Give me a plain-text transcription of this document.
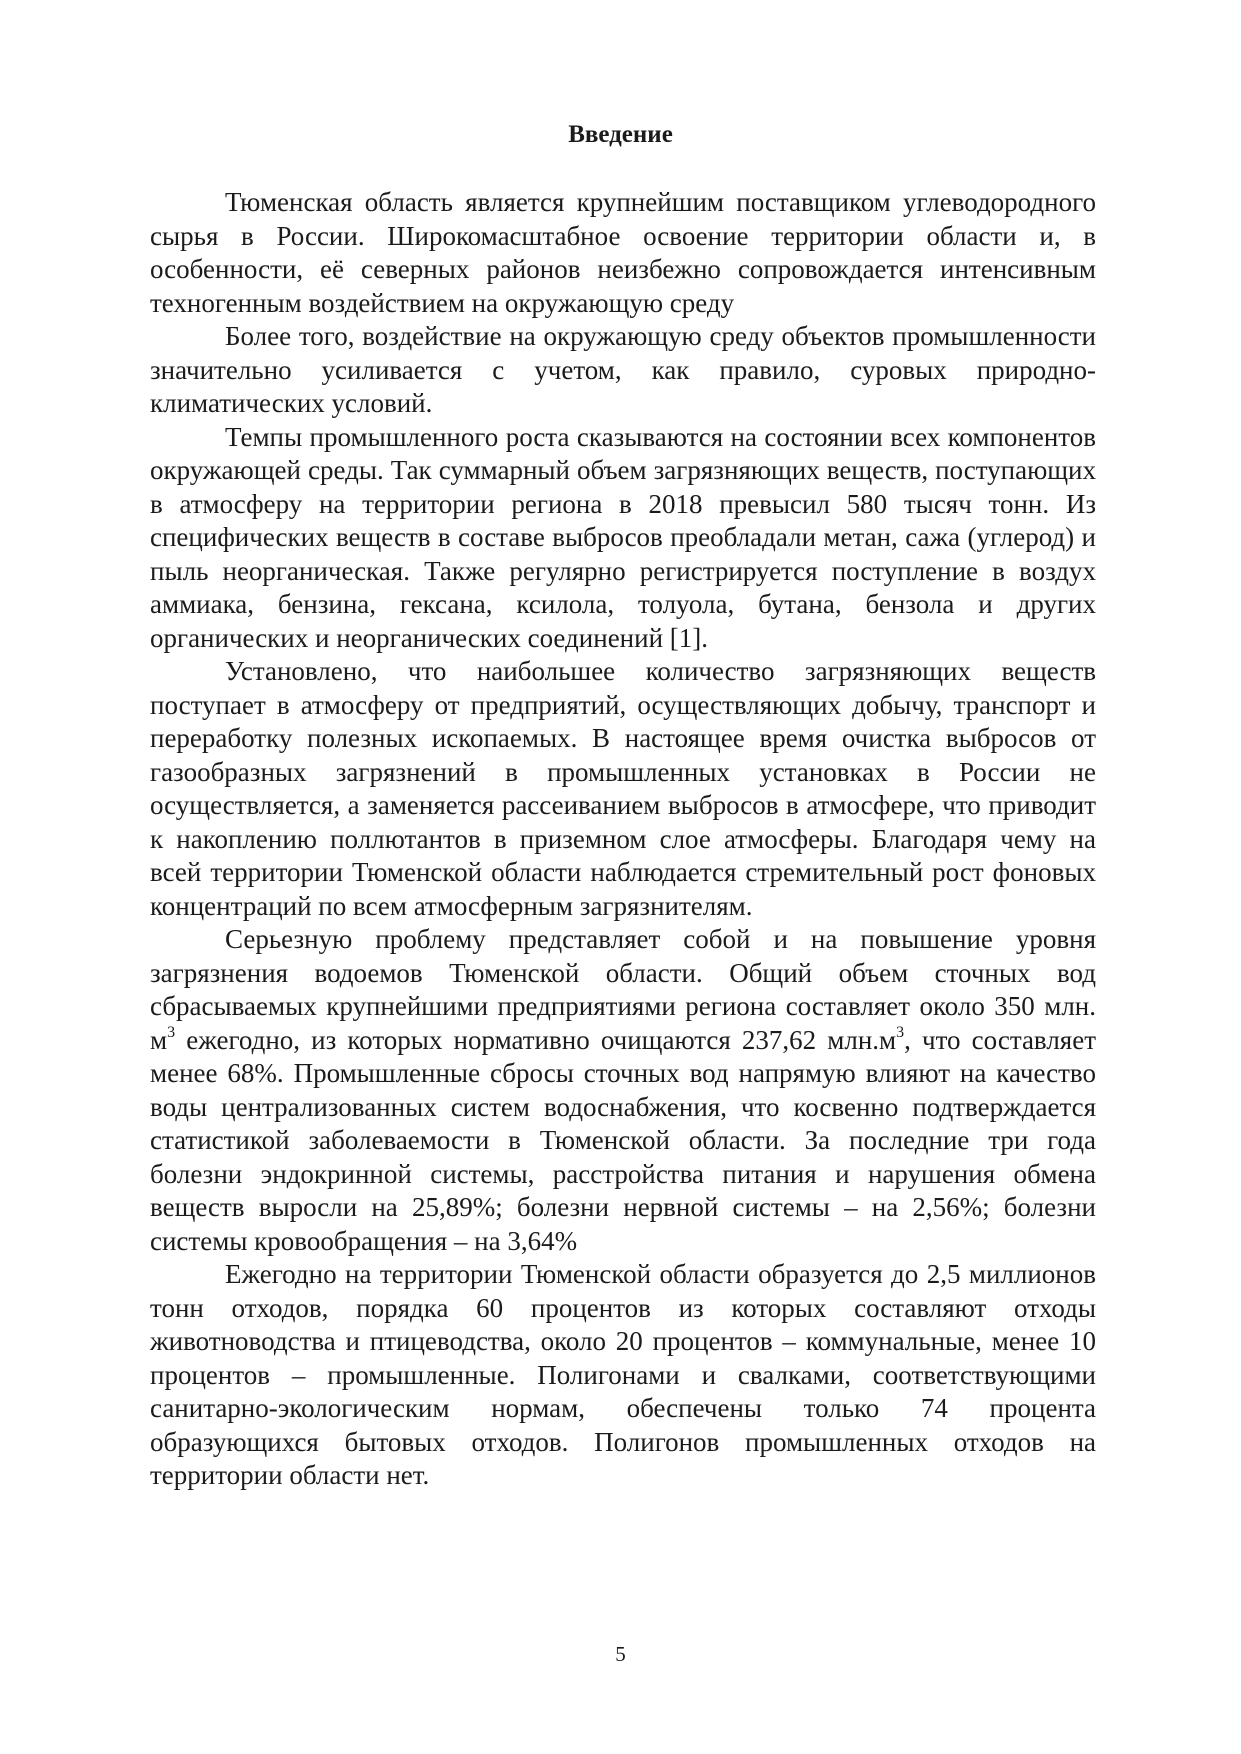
Введение

Тюменская область является крупнейшим поставщиком углеводородного сырья в России. Широкомасштабное освоение территории области и, в особенности, её северных районов неизбежно сопровождается интенсивным техногенным воздействием на окружающую среду

Более того, воздействие на окружающую среду объектов промышленности значительно усиливается с учетом, как правило, суровых природно-климатических условий.

Темпы промышленного роста сказываются на состоянии всех компонентов окружающей среды. Так суммарный объем загрязняющих веществ, поступающих в атмосферу на территории региона в 2018 превысил 580 тысяч тонн. Из специфических веществ в составе выбросов преобладали метан, сажа (углерод) и пыль неорганическая. Также регулярно регистрируется поступление в воздух аммиака, бензина, гексана, ксилола, толуола, бутана, бензола и других органических и неорганических соединений [1].

Установлено, что наибольшее количество загрязняющих веществ поступает в атмосферу от предприятий, осуществляющих добычу, транспорт и переработку полезных ископаемых. В настоящее время очистка выбросов от газообразных загрязнений в промышленных установках в России не осуществляется, а заменяется рассеиванием выбросов в атмосфере, что приводит к накоплению поллютантов в приземном слое атмосферы. Благодаря чему на всей территории Тюменской области наблюдается стремительный рост фоновых концентраций по всем атмосферным загрязнителям.

Серьезную проблему представляет собой и на повышение уровня загрязнения водоемов Тюменской области. Общий объем сточных вод сбрасываемых крупнейшими предприятиями региона составляет около 350 млн. $м^3$ ежегодно, из которых нормативно очищаются 237,62 $млн.м^3$, что составляет менее 68%. Промышленные сбросы сточных вод напрямую влияют на качество воды централизованных систем водоснабжения, что косвенно подтверждается статистикой заболеваемости в Тюменской области. За последние три года болезни эндокринной системы, расстройства питания и нарушения обмена веществ выросли на 25,89%; болезни нервной системы – на 2,56%; болезни системы кровообращения – на 3,64%

Ежегодно на территории Тюменской области образуется до 2,5 миллионов тонн отходов, порядка 60 процентов из которых составляют отходы животноводства и птицеводства, около 20 процентов – коммунальные, менее 10 процентов – промышленные. Полигонами и свалками, соответствующими санитарно-экологическим нормам, обеспечены только 74 процента образующихся бытовых отходов. Полигонов промышленных отходов на территории области нет.

5
